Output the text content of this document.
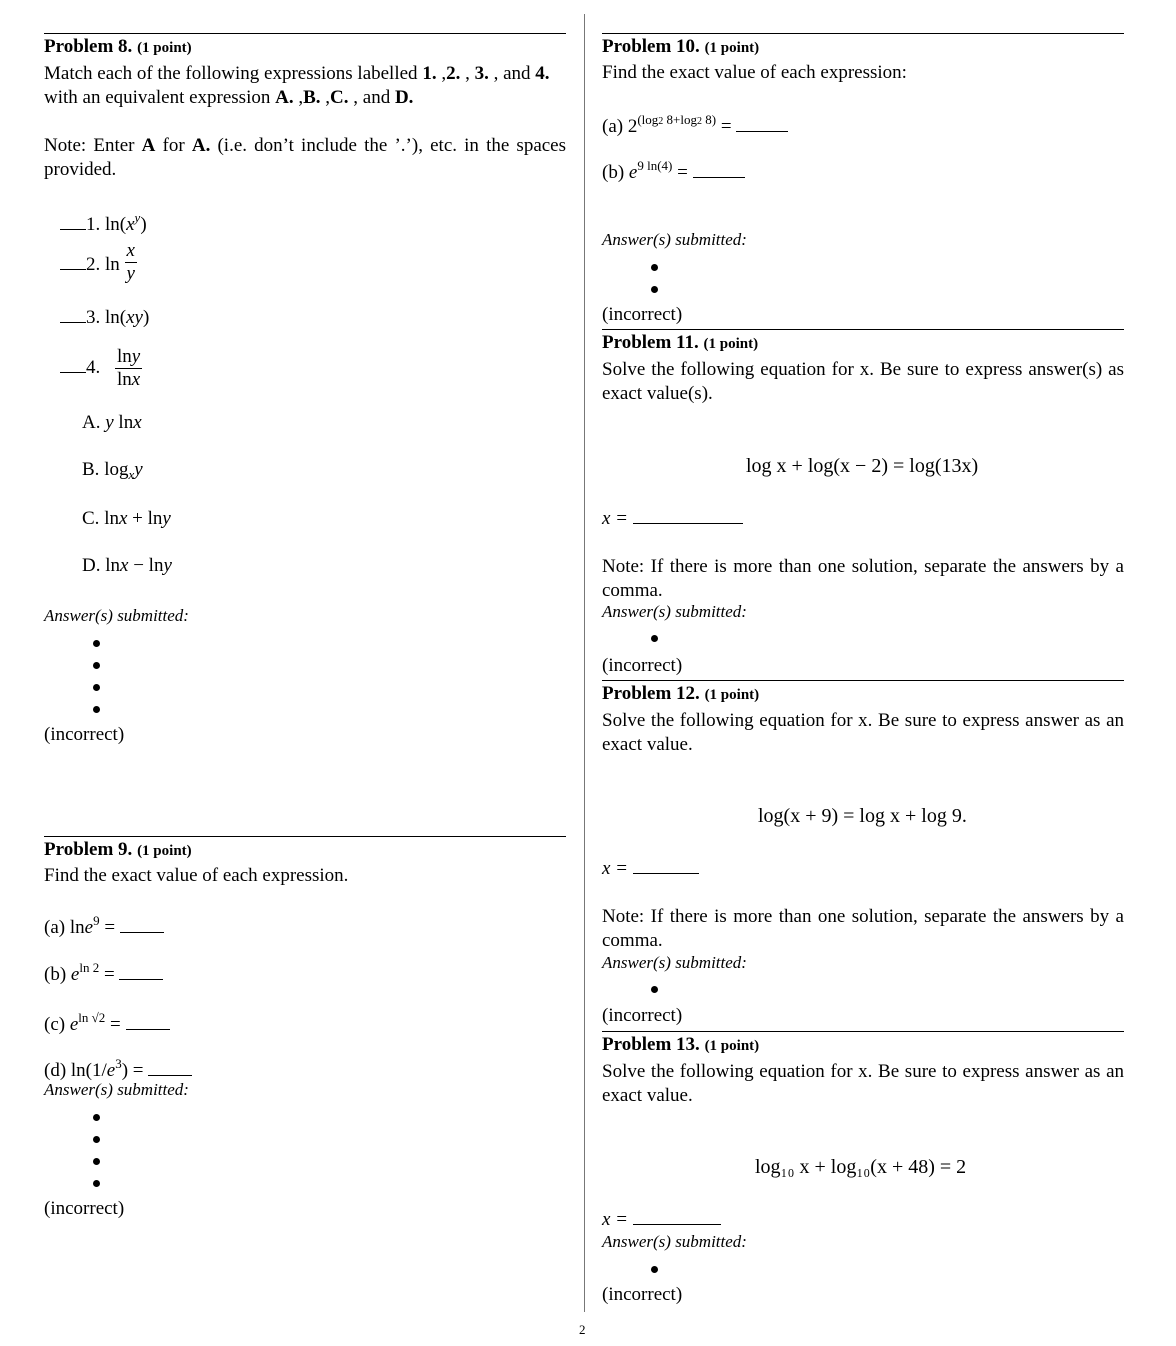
Problem 8. (1 point)
Match each of the following expressions labelled 1. ,2. , 3. , and 4. with an equivalent expression A. ,B. ,C. , and D.
Note: Enter A for A. (i.e. don’t include the ’.’), etc. in the spaces provided.
1. $\ln(x^y)$
2. $\ln \frac{x}{y}$
3. ln(xy)
4. $\frac{\ln y}{\ln x}$
A. y lnx
B. $\log_xy$
C. lnx + lny
D. lnx − lny
Answer(s) submitted:
(incorrect)
Problem 9. (1 point)
Find the exact value of each expression.
(a) lne$^9$ =
(b) $e^{ln 2}$ =
(c) $e^{ln √2}$ =
(d) $\ln(1/e^3)$ =
Answer(s) submitted:
(incorrect)
2
Problem 10. (1 point)
Find the exact value of each expression:
(a) $2^{(log2 8+log2 8)}$ =
(b) $e^{9 ln(4)}$ =
Answer(s) submitted:
(incorrect)
Problem 11. (1 point)
Solve the following equation for x. Be sure to express answer(s) as exact value(s).
log x + log(x − 2) = log(13x)
x =
Note: If there is more than one solution, separate the answers by a comma.
Answer(s) submitted:
(incorrect)
Problem 12. (1 point)
Solve the following equation for x. Be sure to express answer as an exact value.
log(x + 9) = log x + log 9.
x =
Note: If there is more than one solution, separate the answers by a comma.
Answer(s) submitted:
(incorrect)
Problem 13. (1 point)
Solve the following equation for x. Be sure to express answer as an exact value.
log₁₀ x + log₁₀(x + 48) = 2
x =
Answer(s) submitted:
(incorrect)
